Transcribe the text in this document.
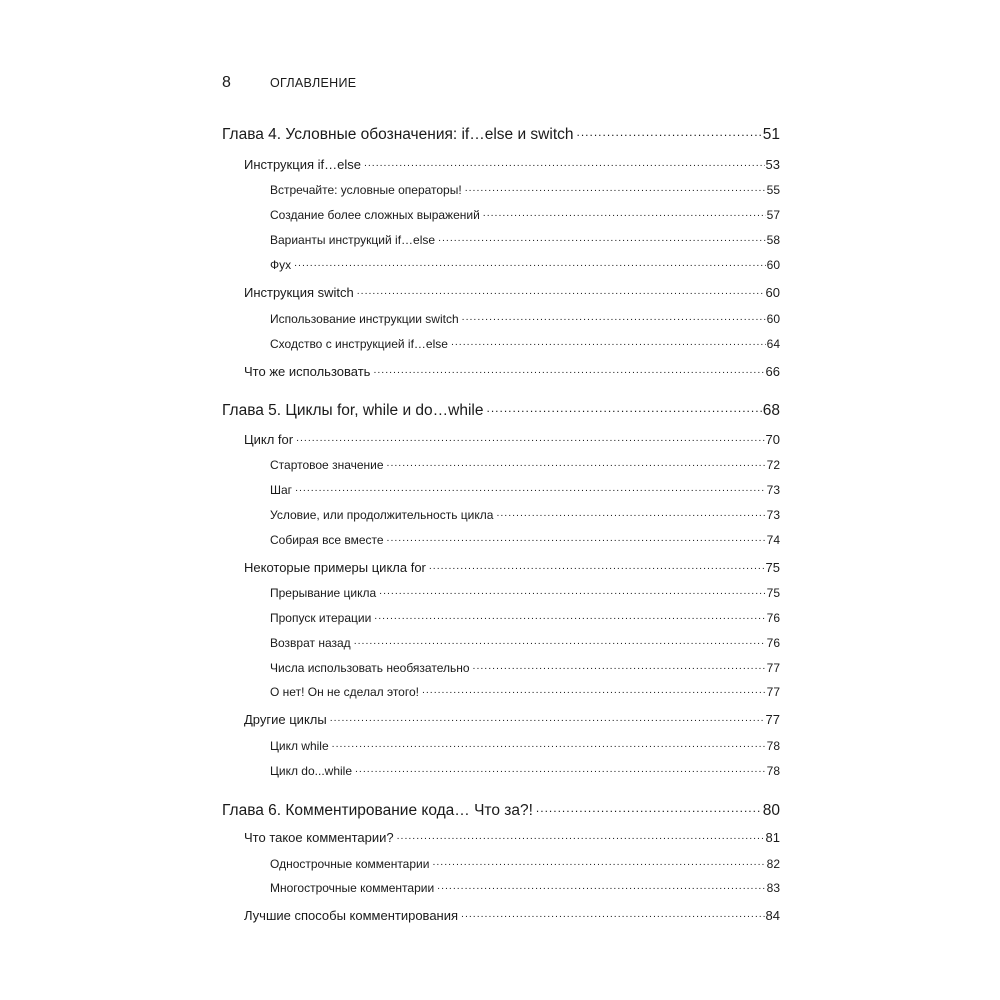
8	ОГЛАВЛЕНИЕ
Глава 4. Условные обозначения: if…else и switch .....	51
Инструкция if…else .....	53
Встречайте: условные операторы! .....	55
Создание более сложных выражений .....	57
Варианты инструкций if…else .....	58
Фух .....	60
Инструкция switch .....	60
Использование инструкции switch .....	60
Сходство с инструкцией if…else .....	64
Что же использовать .....	66
Глава 5. Циклы for, while и do…while .....	68
Цикл for .....	70
Стартовое значение .....	72
Шаг .....	73
Условие, или продолжительность цикла .....	73
Собирая все вместе .....	74
Некоторые примеры цикла for .....	75
Прерывание цикла .....	75
Пропуск итерации .....	76
Возврат назад .....	76
Числа использовать необязательно .....	77
О нет! Он не сделал этого! .....	77
Другие циклы .....	77
Цикл while .....	78
Цикл do...while .....	78
Глава 6. Комментирование кода… Что за?! .....	80
Что такое комментарии? .....	81
Однострочные комментарии .....	82
Многострочные комментарии .....	83
Лучшие способы комментирования .....	84
